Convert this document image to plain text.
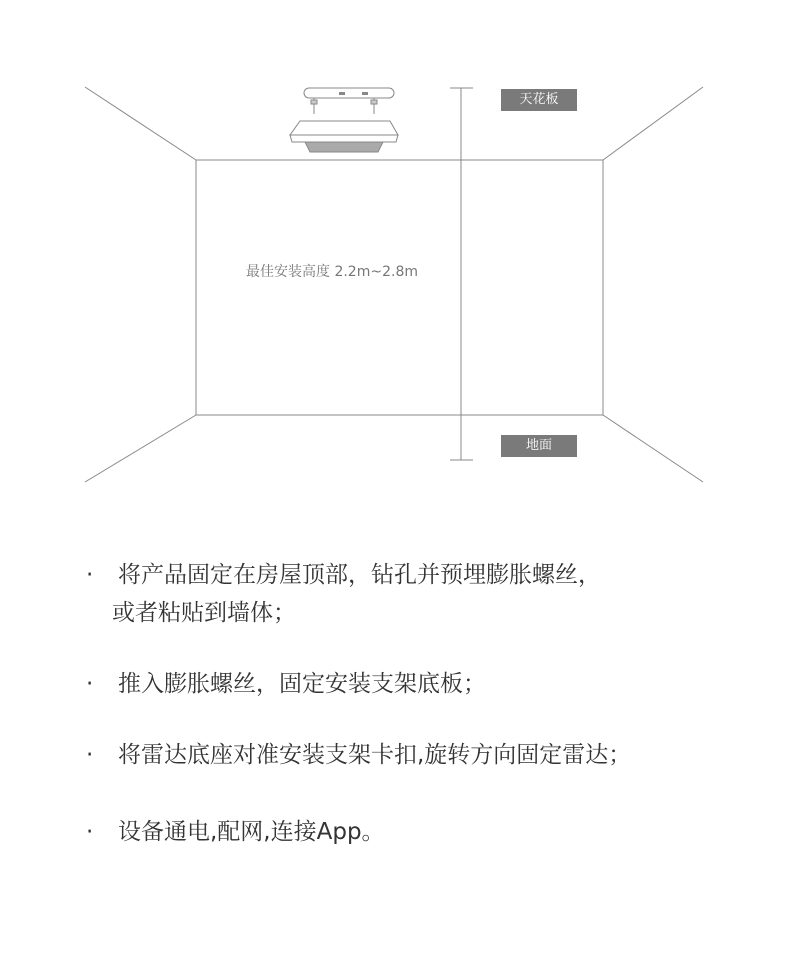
天花板
地面
最佳安装高度 2.2m~2.8m
· 将产品固定在房屋顶部，钻孔并预埋膨胀螺丝，
或者粘贴到墙体；
· 推入膨胀螺丝，固定安装支架底板；
· 将雷达底座对准安装支架卡扣,旋转方向固定雷达；
· 设备通电,配网,连接App。
